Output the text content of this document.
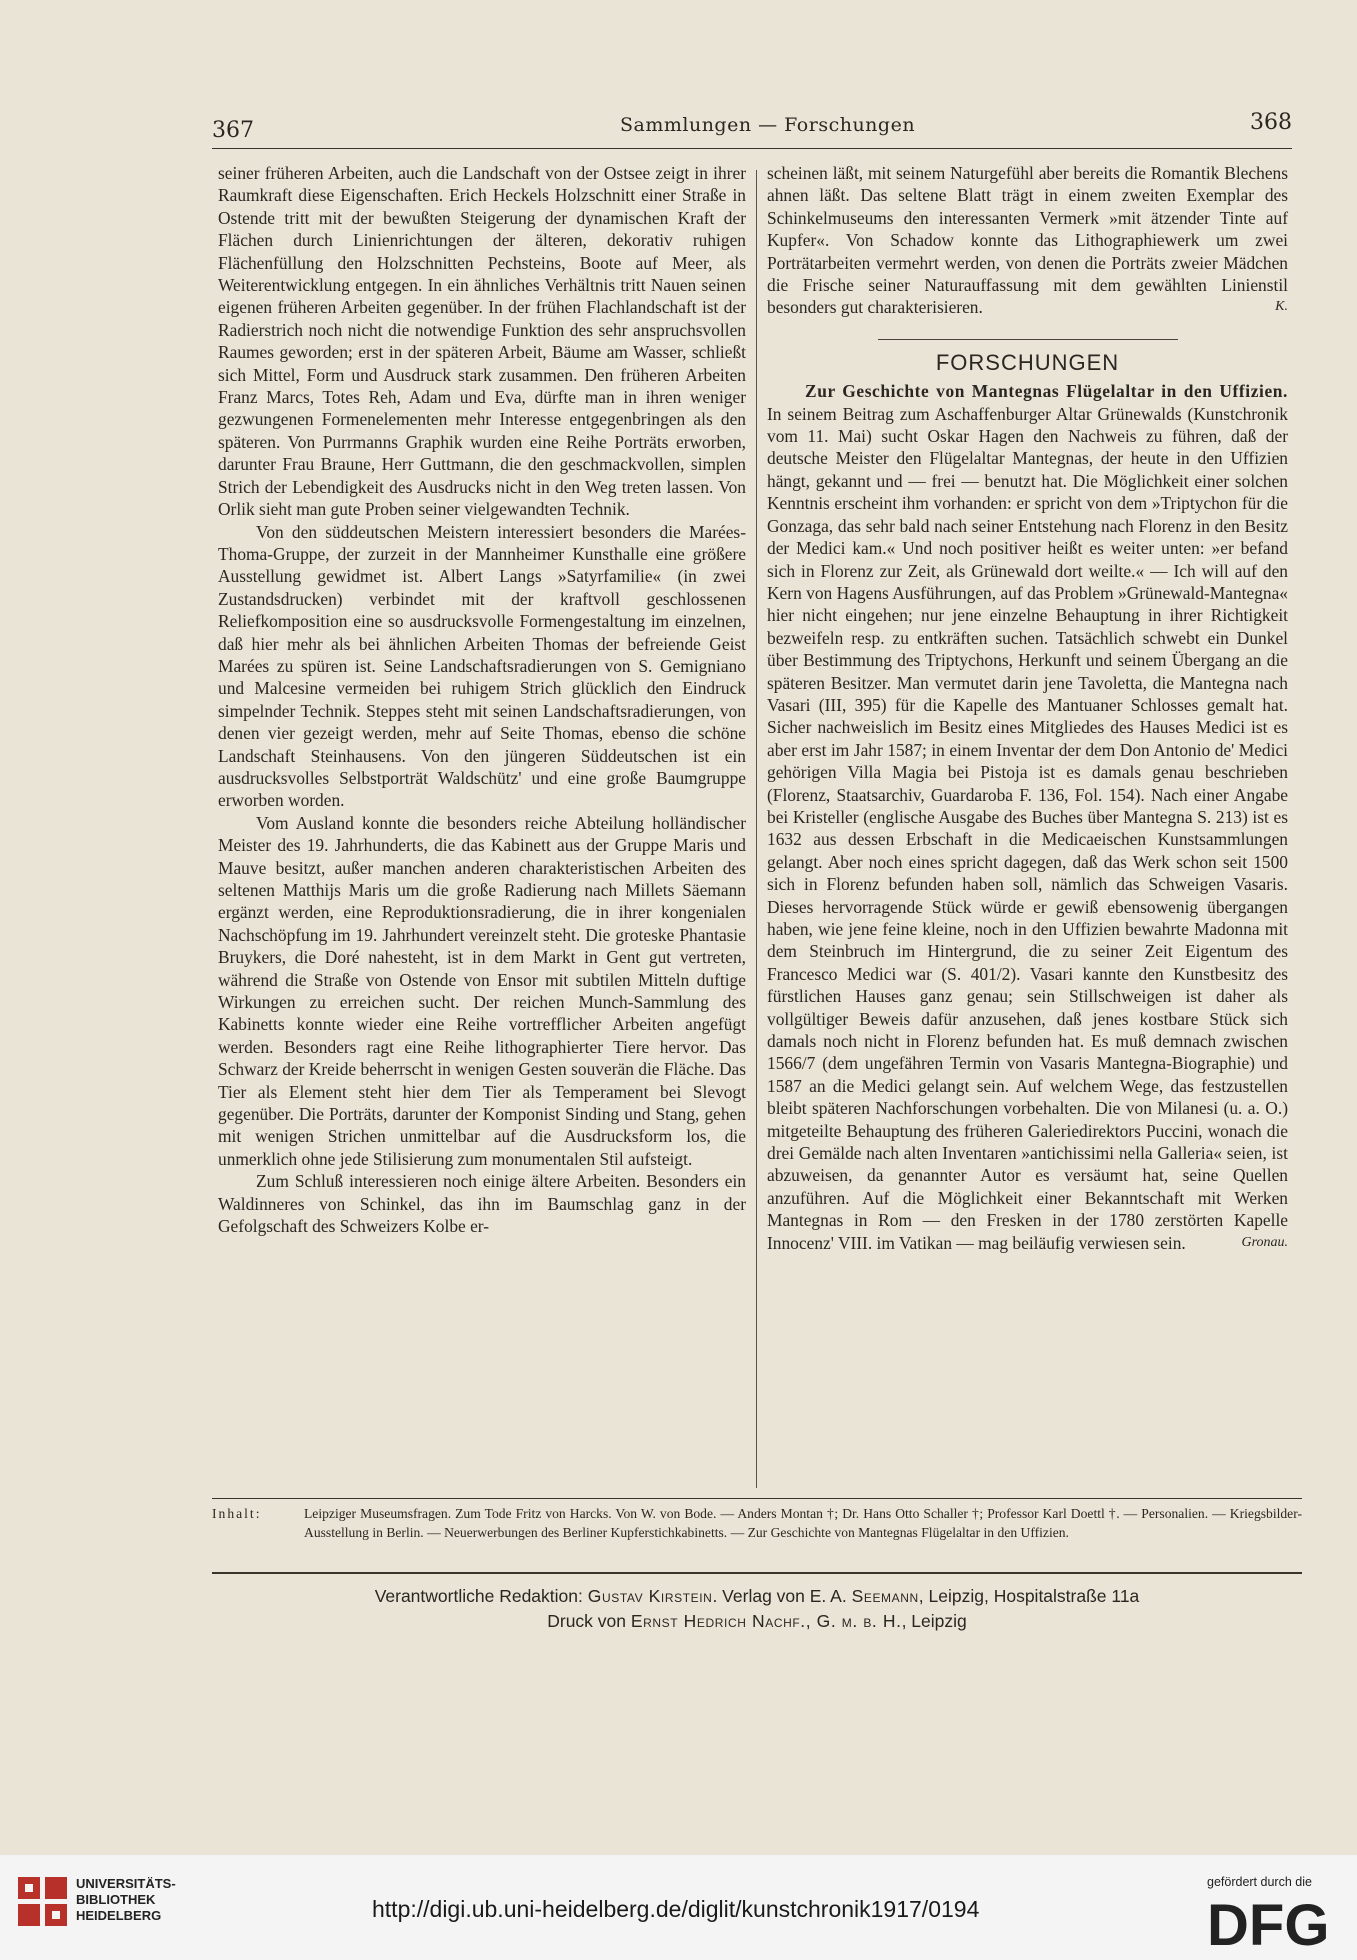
367	Sammlungen — Forschungen	368

seiner früheren Arbeiten, auch die Landschaft von der Ostsee zeigt in ihrer Raumkraft diese Eigenschaften. Erich Heckels Holzschnitt einer Straße in Ostende tritt mit der bewußten Steigerung der dynamischen Kraft der Flächen durch Linienrichtungen der älteren, dekorativ ruhigen Flächenfüllung den Holzschnitten Pechsteins, Boote auf Meer, als Weiterentwicklung entgegen. In ein ähnliches Verhältnis tritt Nauen seinen eigenen früheren Arbeiten gegenüber. In der frühen Flachlandschaft ist der Radierstrich noch nicht die notwendige Funktion des sehr anspruchsvollen Raumes geworden; erst in der späteren Arbeit, Bäume am Wasser, schließt sich Mittel, Form und Ausdruck stark zusammen. Den früheren Arbeiten Franz Marcs, Totes Reh, Adam und Eva, dürfte man in ihren weniger gezwungenen Formenelementen mehr Interesse entgegenbringen als den späteren. Von Purrmanns Graphik wurden eine Reihe Porträts erworben, darunter Frau Braune, Herr Guttmann, die den geschmackvollen, simplen Strich der Lebendigkeit des Ausdrucks nicht in den Weg treten lassen. Von Orlik sieht man gute Proben seiner vielgewandten Technik.

Von den süddeutschen Meistern interessiert besonders die Marées-Thoma-Gruppe, der zurzeit in der Mannheimer Kunsthalle eine größere Ausstellung gewidmet ist. Albert Langs »Satyrfamilie« (in zwei Zustandsdrucken) verbindet mit der kraftvoll geschlossenen Reliefkomposition eine so ausdrucksvolle Formengestaltung im einzelnen, daß hier mehr als bei ähnlichen Arbeiten Thomas der befreiende Geist Marées zu spüren ist. Seine Landschaftsradierungen von S. Gemigniano und Malcesine vermeiden bei ruhigem Strich glücklich den Eindruck simpelnder Technik. Steppes steht mit seinen Landschaftsradierungen, von denen vier gezeigt werden, mehr auf Seite Thomas, ebenso die schöne Landschaft Steinhausens. Von den jüngeren Süddeutschen ist ein ausdrucksvolles Selbstporträt Waldschütz' und eine große Baumgruppe erworben worden.

Vom Ausland konnte die besonders reiche Abteilung holländischer Meister des 19. Jahrhunderts, die das Kabinett aus der Gruppe Maris und Mauve besitzt, außer manchen anderen charakteristischen Arbeiten des seltenen Matthijs Maris um die große Radierung nach Millets Säemann ergänzt werden, eine Reproduktionsradierung, die in ihrer kongenialen Nachschöpfung im 19. Jahrhundert vereinzelt steht. Die groteske Phantasie Bruykers, die Doré nahesteht, ist in dem Markt in Gent gut vertreten, während die Straße von Ostende von Ensor mit subtilen Mitteln duftige Wirkungen zu erreichen sucht. Der reichen Munch-Sammlung des Kabinetts konnte wieder eine Reihe vortrefflicher Arbeiten angefügt werden. Besonders ragt eine Reihe lithographierter Tiere hervor. Das Schwarz der Kreide beherrscht in wenigen Gesten souverän die Fläche. Das Tier als Element steht hier dem Tier als Temperament bei Slevogt gegenüber. Die Porträts, darunter der Komponist Sinding und Stang, gehen mit wenigen Strichen unmittelbar auf die Ausdrucksform los, die unmerklich ohne jede Stilisierung zum monumentalen Stil aufsteigt.

Zum Schluß interessieren noch einige ältere Arbeiten. Besonders ein Waldinneres von Schinkel, das ihn im Baumschlag ganz in der Gefolgschaft des Schweizers Kolbe er-

scheinen läßt, mit seinem Naturgefühl aber bereits die Romantik Blechens ahnen läßt. Das seltene Blatt trägt in einem zweiten Exemplar des Schinkelmuseums den interessanten Vermerk »mit ätzender Tinte auf Kupfer«. Von Schadow konnte das Lithographiewerk um zwei Porträtarbeiten vermehrt werden, von denen die Porträts zweier Mädchen die Frische seiner Naturauffassung mit dem gewählten Linienstil besonders gut charakterisieren.	K.

FORSCHUNGEN

Zur Geschichte von Mantegnas Flügelaltar in den Uffizien. In seinem Beitrag zum Aschaffenburger Altar Grünewalds (Kunstchronik vom 11. Mai) sucht Oskar Hagen den Nachweis zu führen, daß der deutsche Meister den Flügelaltar Mantegnas, der heute in den Uffizien hängt, gekannt und — frei — benutzt hat. Die Möglichkeit einer solchen Kenntnis erscheint ihm vorhanden: er spricht von dem »Triptychon für die Gonzaga, das sehr bald nach seiner Entstehung nach Florenz in den Besitz der Medici kam.« Und noch positiver heißt es weiter unten: »er befand sich in Florenz zur Zeit, als Grünewald dort weilte.« — Ich will auf den Kern von Hagens Ausführungen, auf das Problem »Grünewald-Mantegna« hier nicht eingehen; nur jene einzelne Behauptung in ihrer Richtigkeit bezweifeln resp. zu entkräften suchen. Tatsächlich schwebt ein Dunkel über Bestimmung des Triptychons, Herkunft und seinem Übergang an die späteren Besitzer. Man vermutet darin jene Tavoletta, die Mantegna nach Vasari (III, 395) für die Kapelle des Mantuaner Schlosses gemalt hat. Sicher nachweislich im Besitz eines Mitgliedes des Hauses Medici ist es aber erst im Jahr 1587; in einem Inventar der dem Don Antonio de' Medici gehörigen Villa Magia bei Pistoja ist es damals genau beschrieben (Florenz, Staatsarchiv, Guardaroba F. 136, Fol. 154). Nach einer Angabe bei Kristeller (englische Ausgabe des Buches über Mantegna S. 213) ist es 1632 aus dessen Erbschaft in die Medicaeischen Kunstsammlungen gelangt. Aber noch eines spricht dagegen, daß das Werk schon seit 1500 sich in Florenz befunden haben soll, nämlich das Schweigen Vasaris. Dieses hervorragende Stück würde er gewiß ebensowenig übergangen haben, wie jene feine kleine, noch in den Uffizien bewahrte Madonna mit dem Steinbruch im Hintergrund, die zu seiner Zeit Eigentum des Francesco Medici war (S. 401/2). Vasari kannte den Kunstbesitz des fürstlichen Hauses ganz genau; sein Stillschweigen ist daher als vollgültiger Beweis dafür anzusehen, daß jenes kostbare Stück sich damals noch nicht in Florenz befunden hat. Es muß demnach zwischen 1566/7 (dem ungefähren Termin von Vasaris Mantegna-Biographie) und 1587 an die Medici gelangt sein. Auf welchem Wege, das festzustellen bleibt späteren Nachforschungen vorbehalten. Die von Milanesi (u. a. O.) mitgeteilte Behauptung des früheren Galeriedirektors Puccini, wonach die drei Gemälde nach alten Inventaren »antichissimi nella Galleria« seien, ist abzuweisen, da genannter Autor es versäumt hat, seine Quellen anzuführen. Auf die Möglichkeit einer Bekanntschaft mit Werken Mantegnas in Rom — den Fresken in der 1780 zerstörten Kapelle Innocenz' VIII. im Vatikan — mag beiläufig verwiesen sein.	Gronau.

Inhalt:	Leipziger Museumsfragen. Zum Tode Fritz von Harcks. Von W. von Bode. — Anders Montan †; Dr. Hans Otto Schaller †; Professor Karl Doettl †. — Personalien. — Kriegsbilder-Ausstellung in Berlin. — Neuerwerbungen des Berliner Kupferstichkabinetts. — Zur Geschichte von Mantegnas Flügelaltar in den Uffizien.
Verantwortliche Redaktion: Gustav Kirstein. Verlag von E. A. Seemann, Leipzig, Hospitalstraße 11a
Druck von Ernst Hedrich Nachf., G. m. b. H., Leipzig
UNIVERSITÄTS-
BIBLIOTHEK
HEIDELBERG	http://digi.ub.uni-heidelberg.de/diglit/kunstchronik1917/0194
gefördert durch die
DFG
